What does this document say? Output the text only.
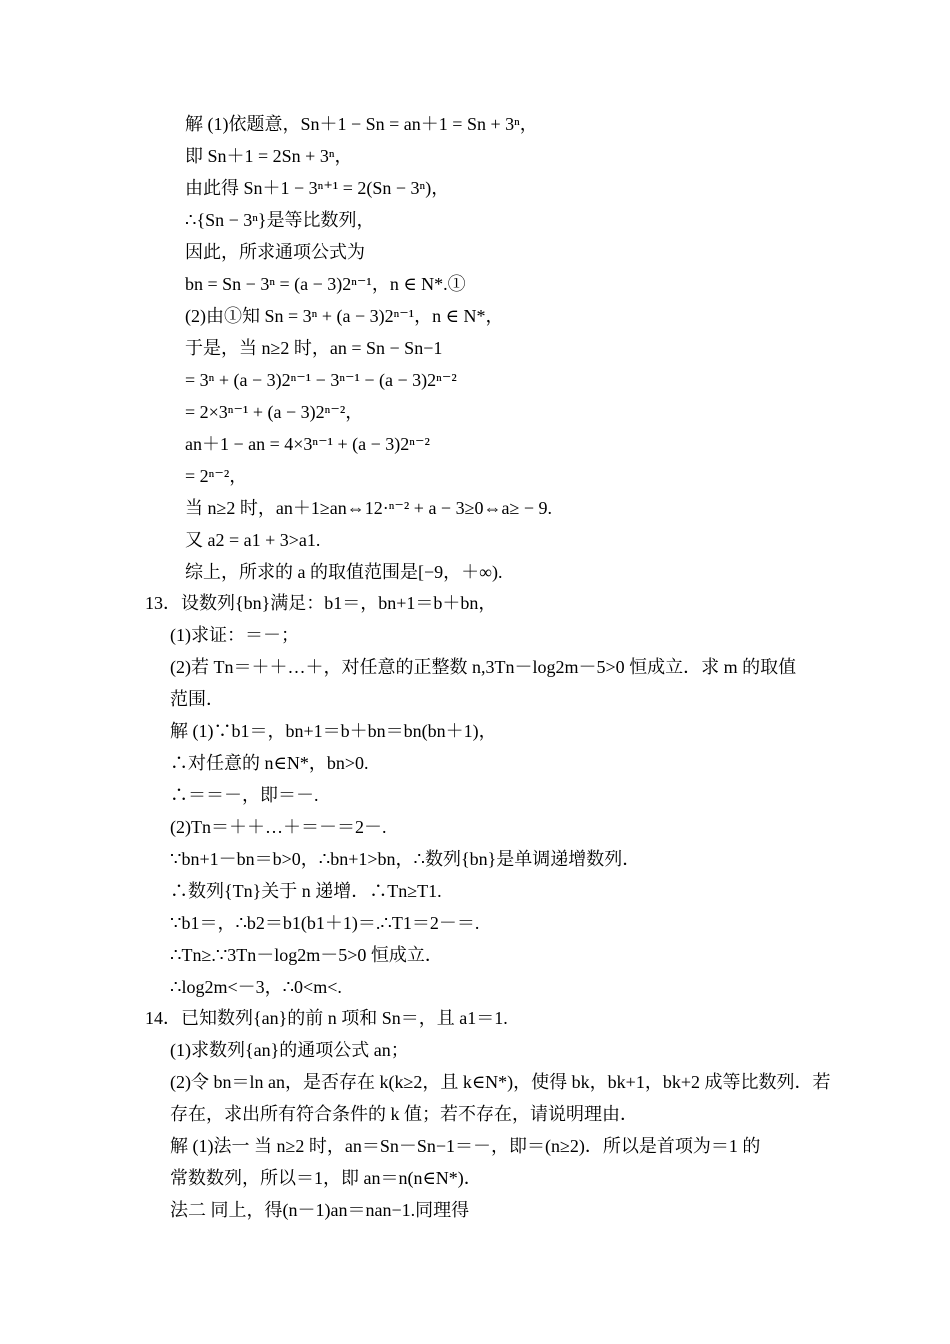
解 (1)依题意，Sn＋1 − Sn = an＋1 = Sn + 3ⁿ，
即 Sn＋1 = 2Sn + 3ⁿ，
由此得 Sn＋1 − 3ⁿ⁺¹ = 2(Sn − 3ⁿ)，
∴{Sn − 3ⁿ}是等比数列，
因此，所求通项公式为
bn = Sn − 3ⁿ = (a − 3)2ⁿ⁻¹，n ∈ N*.①
(2)由①知 Sn = 3ⁿ + (a − 3)2ⁿ⁻¹，n ∈ N*，
于是，当 n≥2 时，an = Sn − Sn−1
= 3ⁿ + (a − 3)2ⁿ⁻¹ − 3ⁿ⁻¹ − (a − 3)2ⁿ⁻²
= 2×3ⁿ⁻¹ + (a − 3)2ⁿ⁻²，
an＋1 − an = 4×3ⁿ⁻¹ + (a − 3)2ⁿ⁻²
= 2ⁿ⁻²，
当 n≥2 时，an＋1≥an⇔12·ⁿ⁻² + a − 3≥0⇔a≥ − 9.
又 a2 = a1 + 3>a1.
综上，所求的 a 的取值范围是[−9，＋∞).
13．设数列{bn}满足：b1＝，bn+1＝b＋bn，
(1)求证：＝－；
(2)若 Tn＝＋＋…＋，对任意的正整数 n,3Tn－log2m－5>0 恒成立．求 m 的取值
范围．
解 (1)∵b1＝，bn+1＝b＋bn＝bn(bn＋1)，
∴对任意的 n∈N*，bn>0.
∴＝＝－，即＝－.
(2)Tn＝＋＋…＋＝－＝2－.
∵bn+1－bn＝b>0，∴bn+1>bn，∴数列{bn}是单调递增数列．
∴数列{Tn}关于 n 递增．∴Tn≥T1.
∵b1＝，∴b2＝b1(b1＋1)＝.∴T1＝2－＝.
∴Tn≥.∵3Tn－log2m－5>0 恒成立．
∴log2m<－3，∴0<m<.
14．已知数列{an}的前 n 项和 Sn＝，且 a1＝1.
(1)求数列{an}的通项公式 an；
(2)令 bn＝ln an，是否存在 k(k≥2，且 k∈N*)，使得 bk，bk+1，bk+2 成等比数列．若
存在，求出所有符合条件的 k 值；若不存在，请说明理由．
解 (1)法一 当 n≥2 时，an＝Sn－Sn−1＝－，即＝(n≥2)．所以是首项为＝1 的
常数数列，所以＝1，即 an＝n(n∈N*)．
法二 同上，得(n－1)an＝nan−1.同理得
